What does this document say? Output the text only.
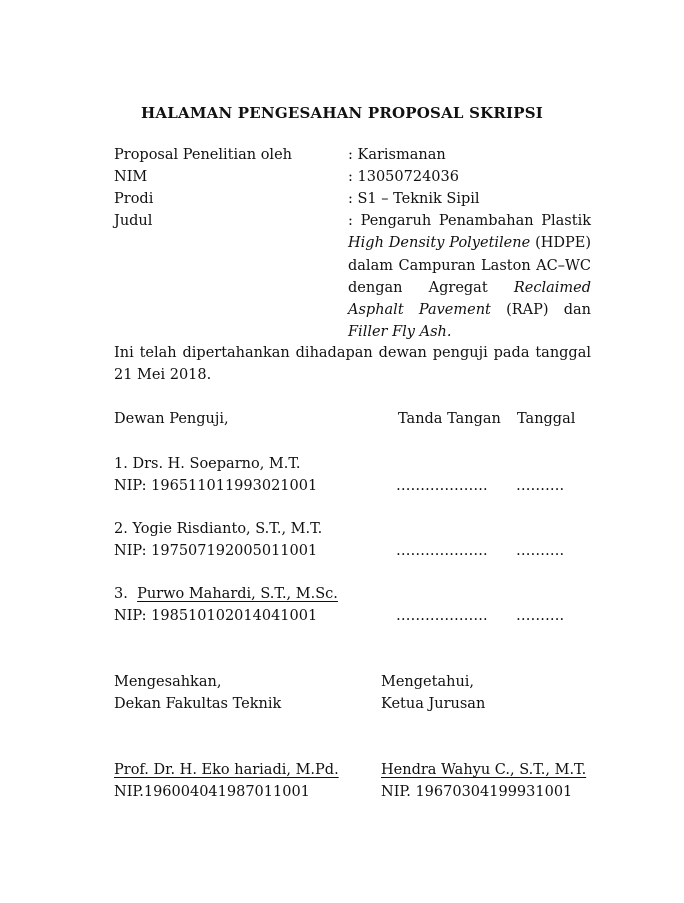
HALAMAN PENGESAHAN PROPOSAL SKRIPSI
Proposal Penelitian oleh	: Karismanan
NIM	: 13050724036
Prodi	: S1 – Teknik Sipil
Judul	: Pengaruh Penambahan Plastik High Density Polyetilene (HDPE) dalam Campuran Laston AC–WC dengan Agregat Reclaimed Asphalt Pavement (RAP) dan Filler Fly Ash.
Ini telah dipertahankan dihadapan dewan penguji pada tanggal 21 Mei 2018.
Dewan Penguji,	Tanda Tangan Tanggal
1. Drs. H. Soeparno, M.T.
NIP: 196511011993021001	………………. ……….
2. Yogie Risdianto, S.T., M.T.
NIP: 197507192005011001	………………. ……….
3.  Purwo Mahardi, S.T., M.Sc.
NIP: 198510102014041001	………………. ……….
Mengesahkan,
Dekan Fakultas Teknik
Prof. Dr. H. Eko hariadi, M.Pd.
NIP.196004041987011001
Mengetahui,
Ketua Jurusan
Hendra Wahyu C., S.T., M.T.
NIP. 19670304199931001
